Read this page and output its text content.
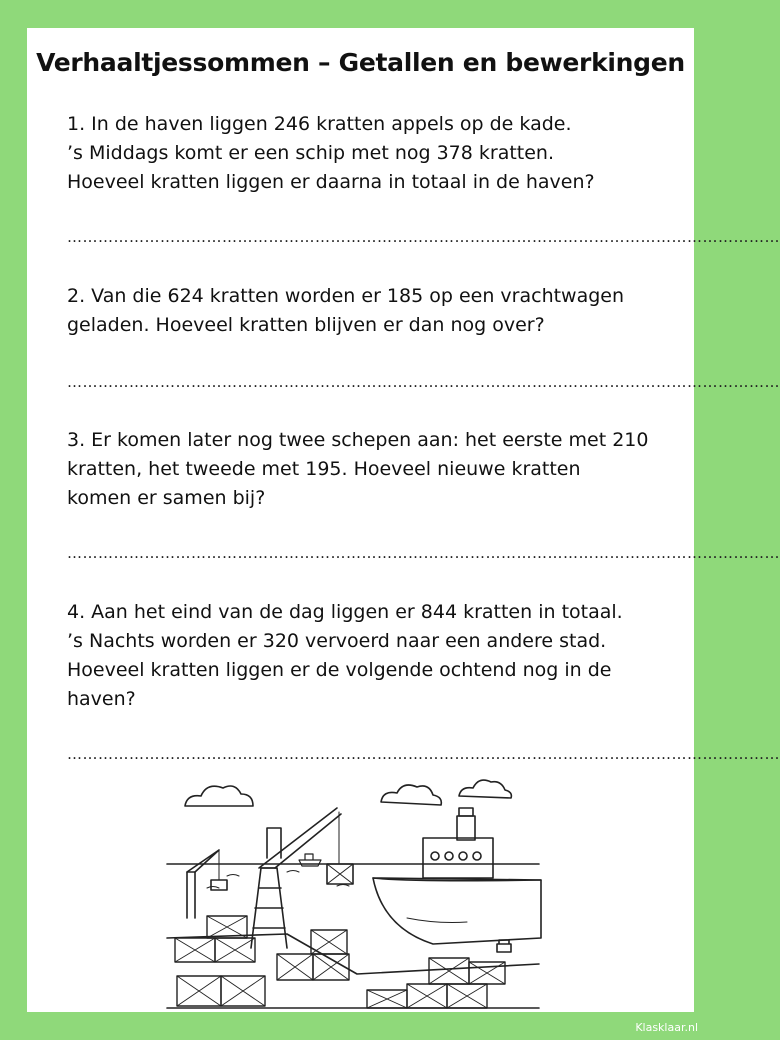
Verhaaltjessommen – Getallen en bewerkingen

1. In de haven liggen 246 kratten appels op de kade.

’s Middags komt er een schip met nog 378 kratten.

Hoeveel kratten liggen er daarna in totaal in de haven?

…………………………………………………………………………………………………………………………

2. Van die 624 kratten worden er 185 op een vrachtwagen

geladen. Hoeveel kratten blijven er dan nog over?

…………………………………………………………………………………………………………………………

3. Er komen later nog twee schepen aan: het eerste met 210

kratten, het tweede met 195. Hoeveel nieuwe kratten

komen er samen bij?

…………………………………………………………………………………………………………………………

4. Aan het eind van de dag liggen er 844 kratten in totaal.

’s Nachts worden er 320 vervoerd naar een andere stad.

Hoeveel kratten liggen er de volgende ochtend nog in de

haven?

…………………………………………………………………………………………………………………………
Klasklaar.nl
